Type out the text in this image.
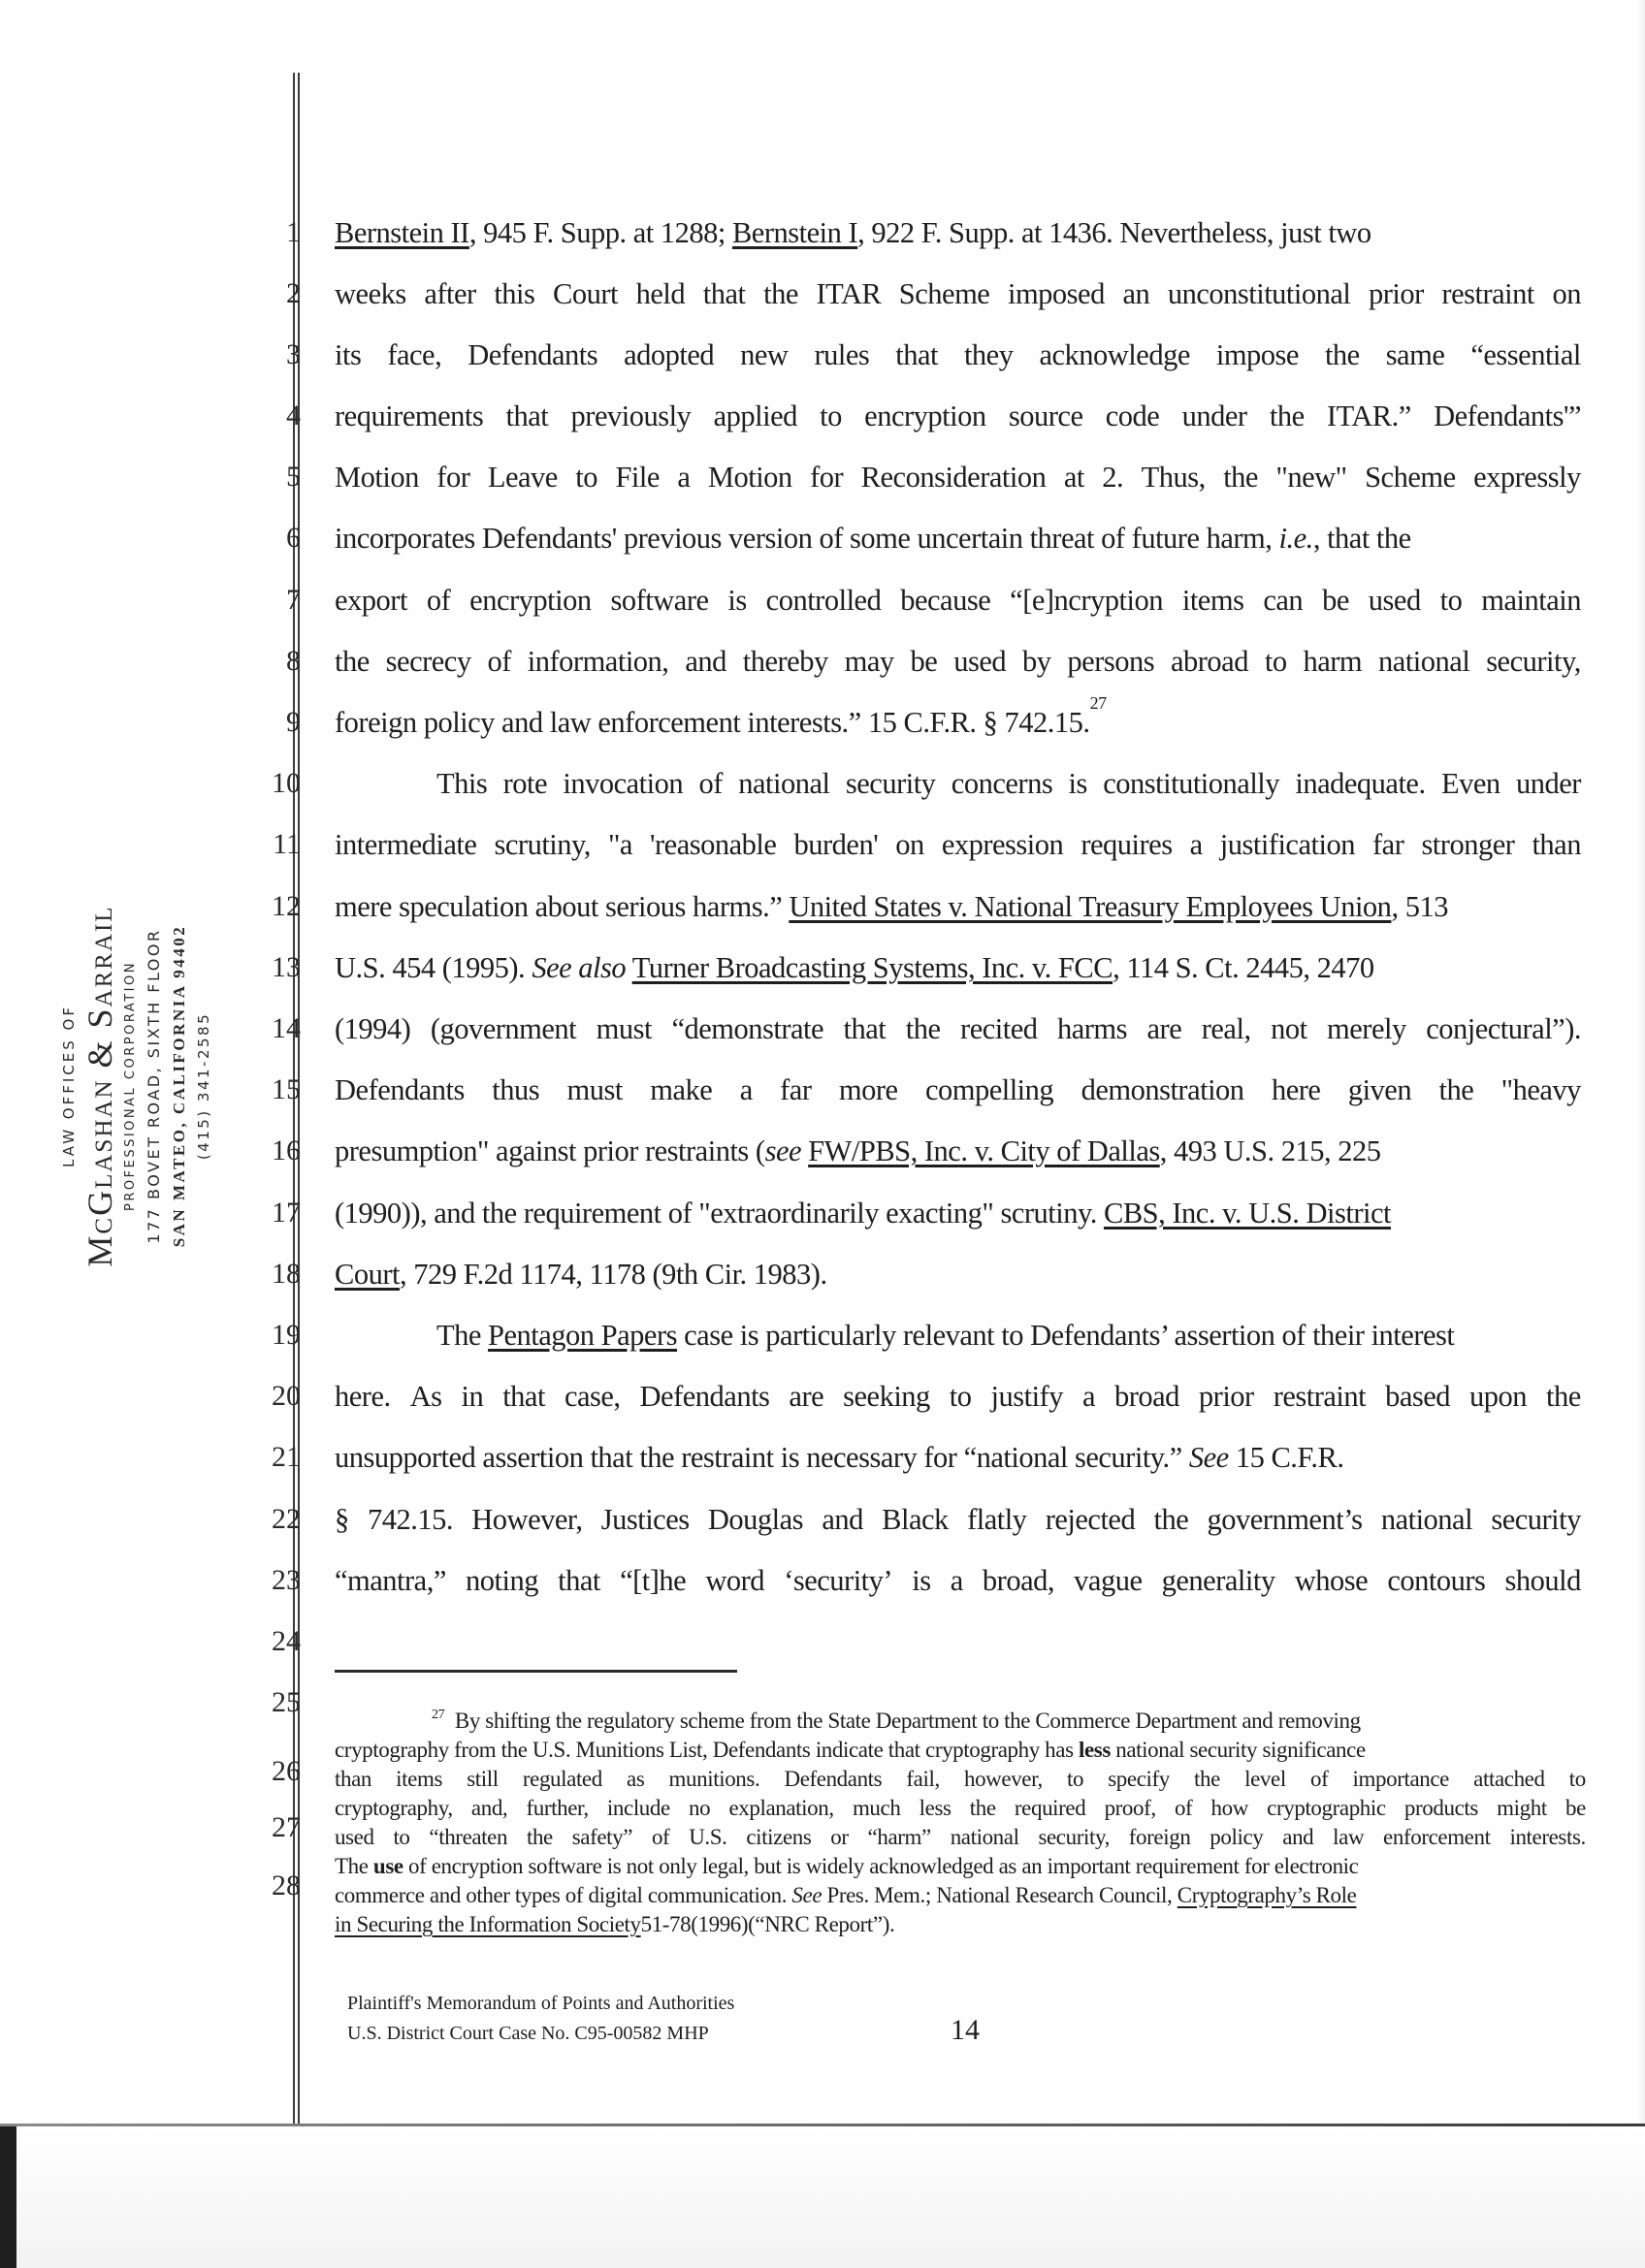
LAW OFFICES OF McGlashan & Sarrail PROFESSIONAL CORPORATION 177 BOVET ROAD, SIXTH FLOOR SAN MATEO, CALIFORNIA 94402 (415) 341-2585
1
2
3
4
5
6
7
8
9
10
11
12
13
14
15
16
17
18
19
20
21
22
23
24
25
26
27
28
Bernstein II, 945 F. Supp. at 1288; Bernstein I, 922 F. Supp. at 1436. Nevertheless, just two
weeks after this Court held that the ITAR Scheme imposed an unconstitutional prior restraint on
its face, Defendants adopted new rules that they acknowledge impose the same “essential
requirements that previously applied to encryption source code under the ITAR.” Defendants'”
Motion for Leave to File a Motion for Reconsideration at 2. Thus, the "new" Scheme expressly
incorporates Defendants' previous version of some uncertain threat of future harm, i.e., that the
export of encryption software is controlled because “[e]ncryption items can be used to maintain
the secrecy of information, and thereby may be used by persons abroad to harm national security,
foreign policy and law enforcement interests.” 15 C.F.R. § 742.15.
27
This rote invocation of national security concerns is constitutionally inadequate. Even under
intermediate scrutiny, "a 'reasonable burden' on expression requires a justification far stronger than
mere speculation about serious harms.” United States v. National Treasury Employees Union, 513
U.S. 454 (1995). See also Turner Broadcasting Systems, Inc. v. FCC, 114 S. Ct. 2445, 2470
(1994) (government must “demonstrate that the recited harms are real, not merely conjectural”).
Defendants thus must make a far more compelling demonstration here given the "heavy
presumption" against prior restraints (see FW/PBS, Inc. v. City of Dallas, 493 U.S. 215, 225
(1990)), and the requirement of "extraordinarily exacting" scrutiny. CBS, Inc. v. U.S. District
Court , 729 F.2d 1174, 1178 (9th Cir. 1983).
The Pentagon Papers case is particularly relevant to Defendants’ assertion of their interest
here. As in that case, Defendants are seeking to justify a broad prior restraint based upon the
unsupported assertion that the restraint is necessary for “national security.” See 15 C.F.R.
§ 742.15. However, Justices Douglas and Black flatly rejected the government’s national security
“mantra,” noting that “[t]he word ‘security’ is a broad, vague generality whose contours should
$^{27}$ By shifting the regulatory scheme from the State Department to the Commerce Department and removing
cryptography from the U.S. Munitions List, Defendants indicate that cryptography has less national security significance
than items still regulated as munitions. Defendants fail, however, to specify the level of importance attached to
cryptography, and, further, include no explanation, much less the required proof, of how cryptographic products might be
used to “threaten the safety” of U.S. citizens or “harm” national security, foreign policy and law enforcement interests.
The use of encryption software is not only legal, but is widely acknowledged as an important requirement for electronic
commerce and other types of digital communication. See Pres. Mem.; National Research Council, Cryptography’s Role
in Securing the Information Society 51-78(1996)(“NRC Report”).
Plaintiff's Memorandum of Points and Authorities
U.S. District Court Case No. C95-00582 MHP	14
